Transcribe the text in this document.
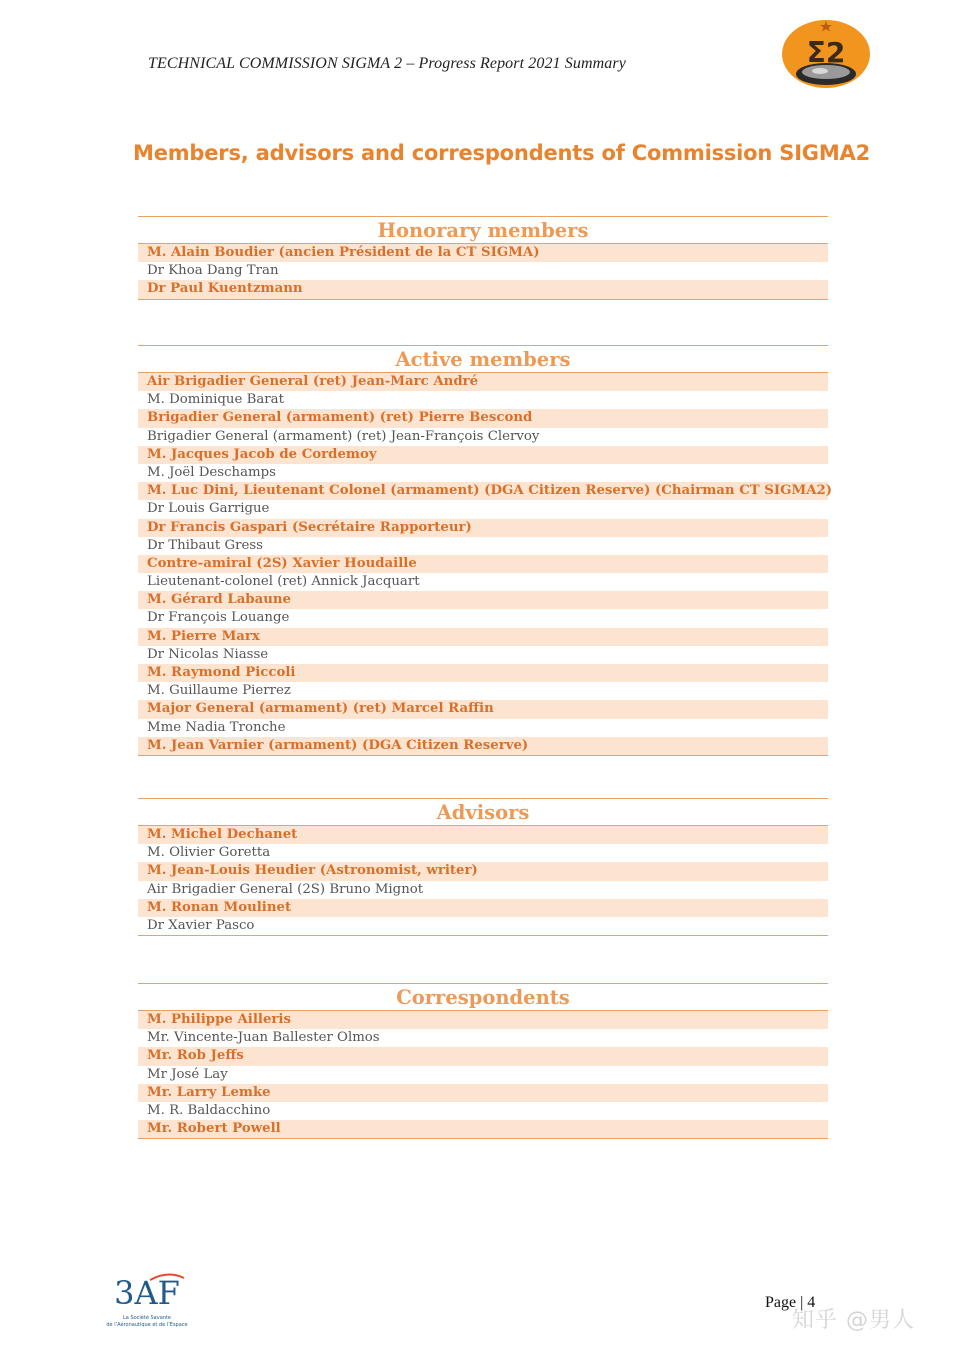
TECHNICAL COMMISSION SIGMA 2 – Progress Report 2021 Summary	Σ2
Members, advisors and correspondents of Commission SIGMA2
Honorary members
M. Alain Boudier (ancien Président de la CT SIGMA)
Dr Khoa Dang Tran
Dr Paul Kuentzmann
Active members
Air Brigadier General (ret) Jean-Marc André
M. Dominique Barat
Brigadier General (armament) (ret) Pierre Bescond
Brigadier General (armament) (ret) Jean-François Clervoy
M. Jacques Jacob de Cordemoy
M. Joël Deschamps
M. Luc Dini, Lieutenant Colonel (armament) (DGA Citizen Reserve) (Chairman CT SIGMA2)
Dr Louis Garrigue
Dr Francis Gaspari (Secrétaire Rapporteur)
Dr Thibaut Gress
Contre-amiral (2S) Xavier Houdaille
Lieutenant-colonel (ret) Annick Jacquart
M. Gérard Labaune
Dr François Louange
M. Pierre Marx
Dr Nicolas Niasse
M. Raymond Piccoli
M. Guillaume Pierrez
Major General (armament) (ret) Marcel Raffin
Mme Nadia Tronche
M. Jean Varnier (armament) (DGA Citizen Reserve)
Advisors
M. Michel Dechanet
M. Olivier Goretta
M. Jean-Louis Heudier (Astronomist, writer)
Air Brigadier General (2S) Bruno Mignot
M. Ronan Moulinet
Dr Xavier Pasco
Correspondents
M. Philippe Ailleris
Mr. Vincente-Juan Ballester Olmos
Mr. Rob Jeffs
Mr José Lay
Mr. Larry Lemke
M. R. Baldacchino
Mr. Robert Powell
3AF
La Société Savante
de l’Aéronautique et de l’Espace
Page | 4
知乎 @男人
